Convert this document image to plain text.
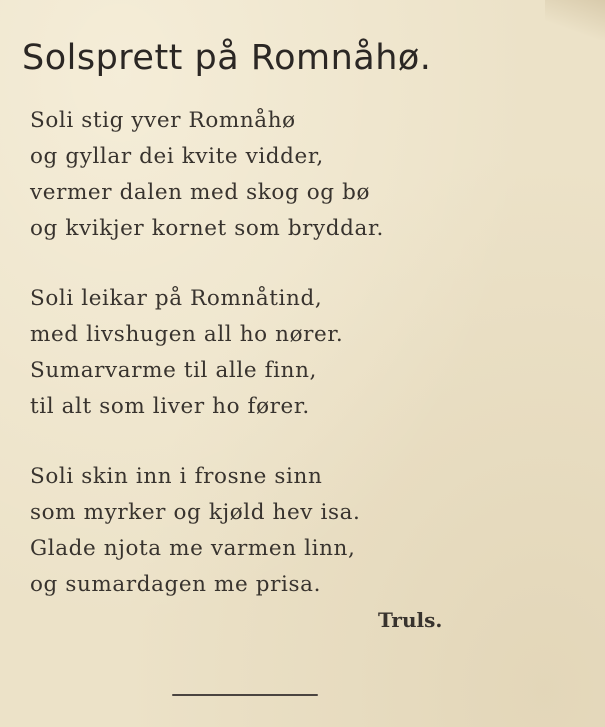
Solsprett på Romnåhø.
Soli stig yver Romnåhø
og gyllar dei kvite vidder,
vermer dalen med skog og bø
og kvikjer kornet som bryddar.
Soli leikar på Romnåtind,
med livshugen all ho nører.
Sumarvarme til alle finn,
til alt som liver ho fører.
Soli skin inn i frosne sinn
som myrker og kjøld hev isa.
Glade njota me varmen linn,
og sumardagen me prisa.
Truls.
